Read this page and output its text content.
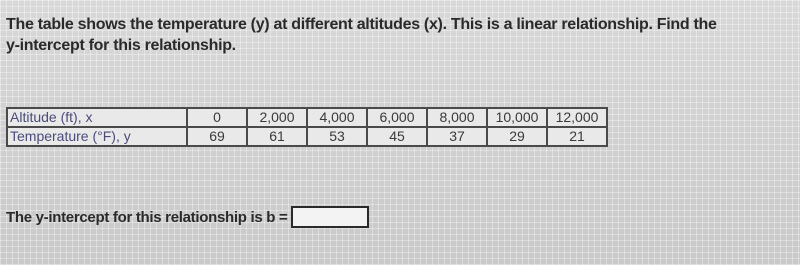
The table shows the temperature (y) at different altitudes (x). This is a linear relationship. Find the
y-intercept for this relationship.
Altitude (ft), x	0	2,000	4,000	6,000	8,000	10,000	12,000
Temperature (°F), y	69	61	53	45	37	29	21
The y-intercept for this relationship is b =
